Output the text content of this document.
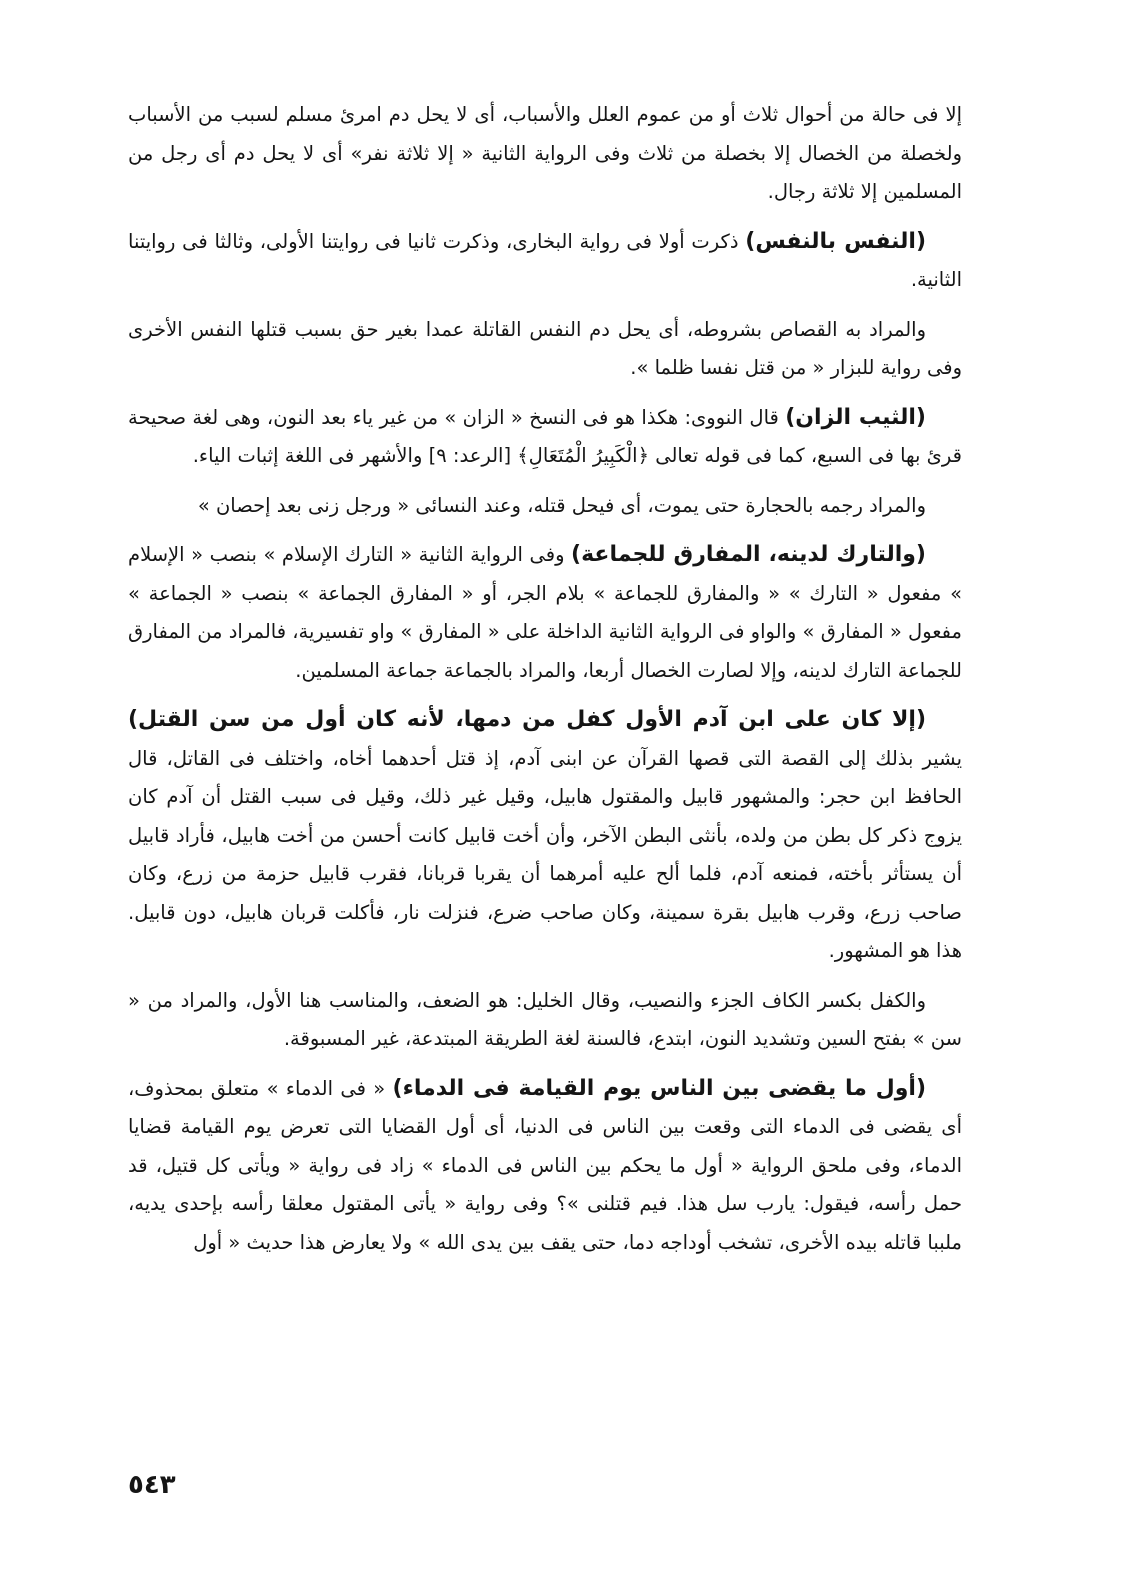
إلا فى حالة من أحوال ثلاث أو من عموم العلل والأسباب، أى لا يحل دم امرئ مسلم لسبب من الأسباب ولخصلة من الخصال إلا بخصلة من ثلاث وفى الرواية الثانية « إلا ثلاثة نفر» أى لا يحل دم أى رجل من المسلمين إلا ثلاثة رجال.

(النفس بالنفس) ذكرت أولا فى رواية البخارى، وذكرت ثانيا فى روايتنا الأولى، وثالثا فى روايتنا الثانية.

والمراد به القصاص بشروطه، أى يحل دم النفس القاتلة عمدا بغير حق بسبب قتلها النفس الأخرى وفى رواية للبزار « من قتل نفسا ظلما ».

(الثيب الزان) قال النووى: هكذا هو فى النسخ « الزان » من غير ياء بعد النون، وهى لغة صحيحة قرئ بها فى السبع، كما فى قوله تعالى ﴿الْكَبِيرُ الْمُتَعَالِ﴾ [الرعد: ٩] والأشهر فى اللغة إثبات الياء.

والمراد رجمه بالحجارة حتى يموت، أى فيحل قتله، وعند النسائى « ورجل زنى بعد إحصان »

(والتارك لدينه، المفارق للجماعة) وفى الرواية الثانية « التارك الإسلام » بنصب « الإسلام » مفعول « التارك » « والمفارق للجماعة » بلام الجر، أو « المفارق الجماعة » بنصب « الجماعة » مفعول « المفارق » والواو فى الرواية الثانية الداخلة على « المفارق » واو تفسيرية، فالمراد من المفارق للجماعة التارك لدينه، وإلا لصارت الخصال أربعا، والمراد بالجماعة جماعة المسلمين.

(إلا كان على ابن آدم الأول كفل من دمها، لأنه كان أول من سن القتل) يشير بذلك إلى القصة التى قصها القرآن عن ابنى آدم، إذ قتل أحدهما أخاه، واختلف فى القاتل، قال الحافظ ابن حجر: والمشهور قابيل والمقتول هابيل، وقيل غير ذلك، وقيل فى سبب القتل أن آدم كان يزوج ذكر كل بطن من ولده، بأنثى البطن الآخر، وأن أخت قابيل كانت أحسن من أخت هابيل، فأراد قابيل أن يستأثر بأخته، فمنعه آدم، فلما ألح عليه أمرهما أن يقربا قربانا، فقرب قابيل حزمة من زرع، وكان صاحب زرع، وقرب هابيل بقرة سمينة، وكان صاحب ضرع، فنزلت نار، فأكلت قربان هابيل، دون قابيل. هذا هو المشهور.

والكفل بكسر الكاف الجزء والنصيب، وقال الخليل: هو الضعف، والمناسب هنا الأول، والمراد من « سن » بفتح السين وتشديد النون، ابتدع، فالسنة لغة الطريقة المبتدعة، غير المسبوقة.

(أول ما يقضى بين الناس يوم القيامة فى الدماء) « فى الدماء » متعلق بمحذوف، أى يقضى فى الدماء التى وقعت بين الناس فى الدنيا، أى أول القضايا التى تعرض يوم القيامة قضايا الدماء، وفى ملحق الرواية « أول ما يحكم بين الناس فى الدماء » زاد فى رواية « ويأتى كل قتيل، قد حمل رأسه، فيقول: يارب سل هذا. فيم قتلنى »؟ وفى رواية « يأتى المقتول معلقا رأسه بإحدى يديه، ملببا قاتله بيده الأخرى، تشخب أوداجه دما، حتى يقف بين يدى الله » ولا يعارض هذا حديث « أول

٥٤٣
